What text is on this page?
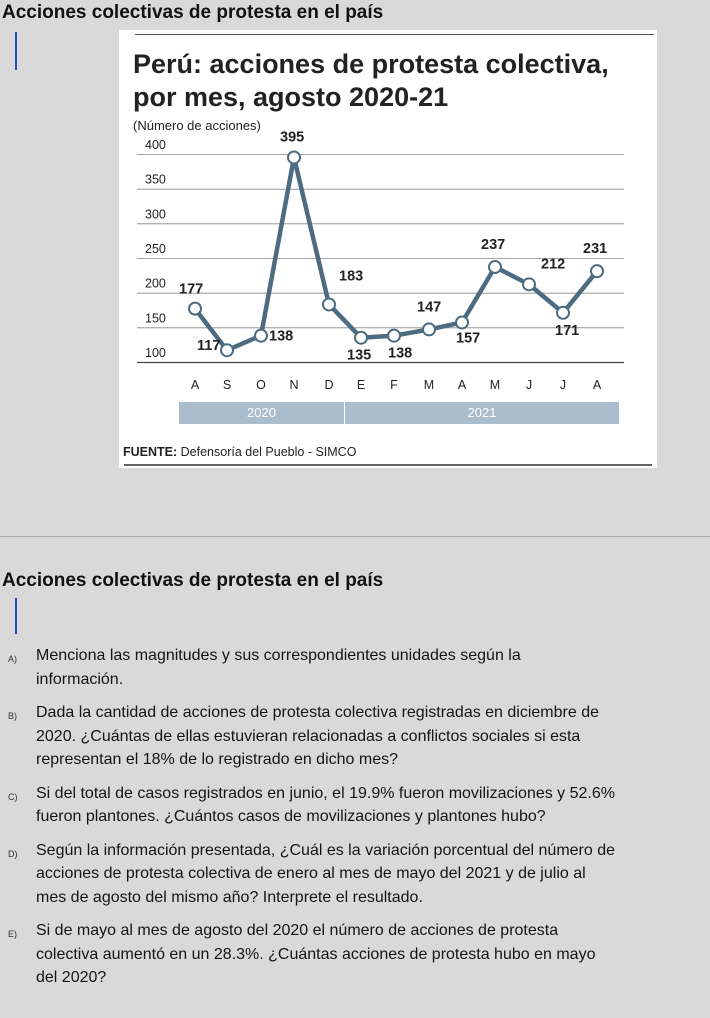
Acciones colectivas de protesta en el país
Perú: acciones de protesta colectiva,
por mes, agosto 2020-21
(Número de acciones)
100
150
200
250
300
350
400
177
117
138
395
183
135 138
147
157
237
212
171
231
A S O N D E F M A M J J A
2020	2021
FUENTE: Defensoría del Pueblo - SIMCO
Acciones colectivas de protesta en el país
A) Menciona las magnitudes y sus correspondientes unidades según la
información.
B) Dada la cantidad de acciones de protesta colectiva registradas en diciembre de
2020. ¿Cuántas de ellas estuvieran relacionadas a conflictos sociales si esta
representan el 18% de lo registrado en dicho mes?
C) Si del total de casos registrados en junio, el 19.9% fueron movilizaciones y 52.6%
fueron plantones. ¿Cuántos casos de movilizaciones y plantones hubo?
D) Según la información presentada, ¿Cuál es la variación porcentual del número de
acciones de protesta colectiva de enero al mes de mayo del 2021 y de julio al
mes de agosto del mismo año? Interprete el resultado.
E) Si de mayo al mes de agosto del 2020 el número de acciones de protesta
colectiva aumentó en un 28.3%. ¿Cuántas acciones de protesta hubo en mayo
del 2020?
